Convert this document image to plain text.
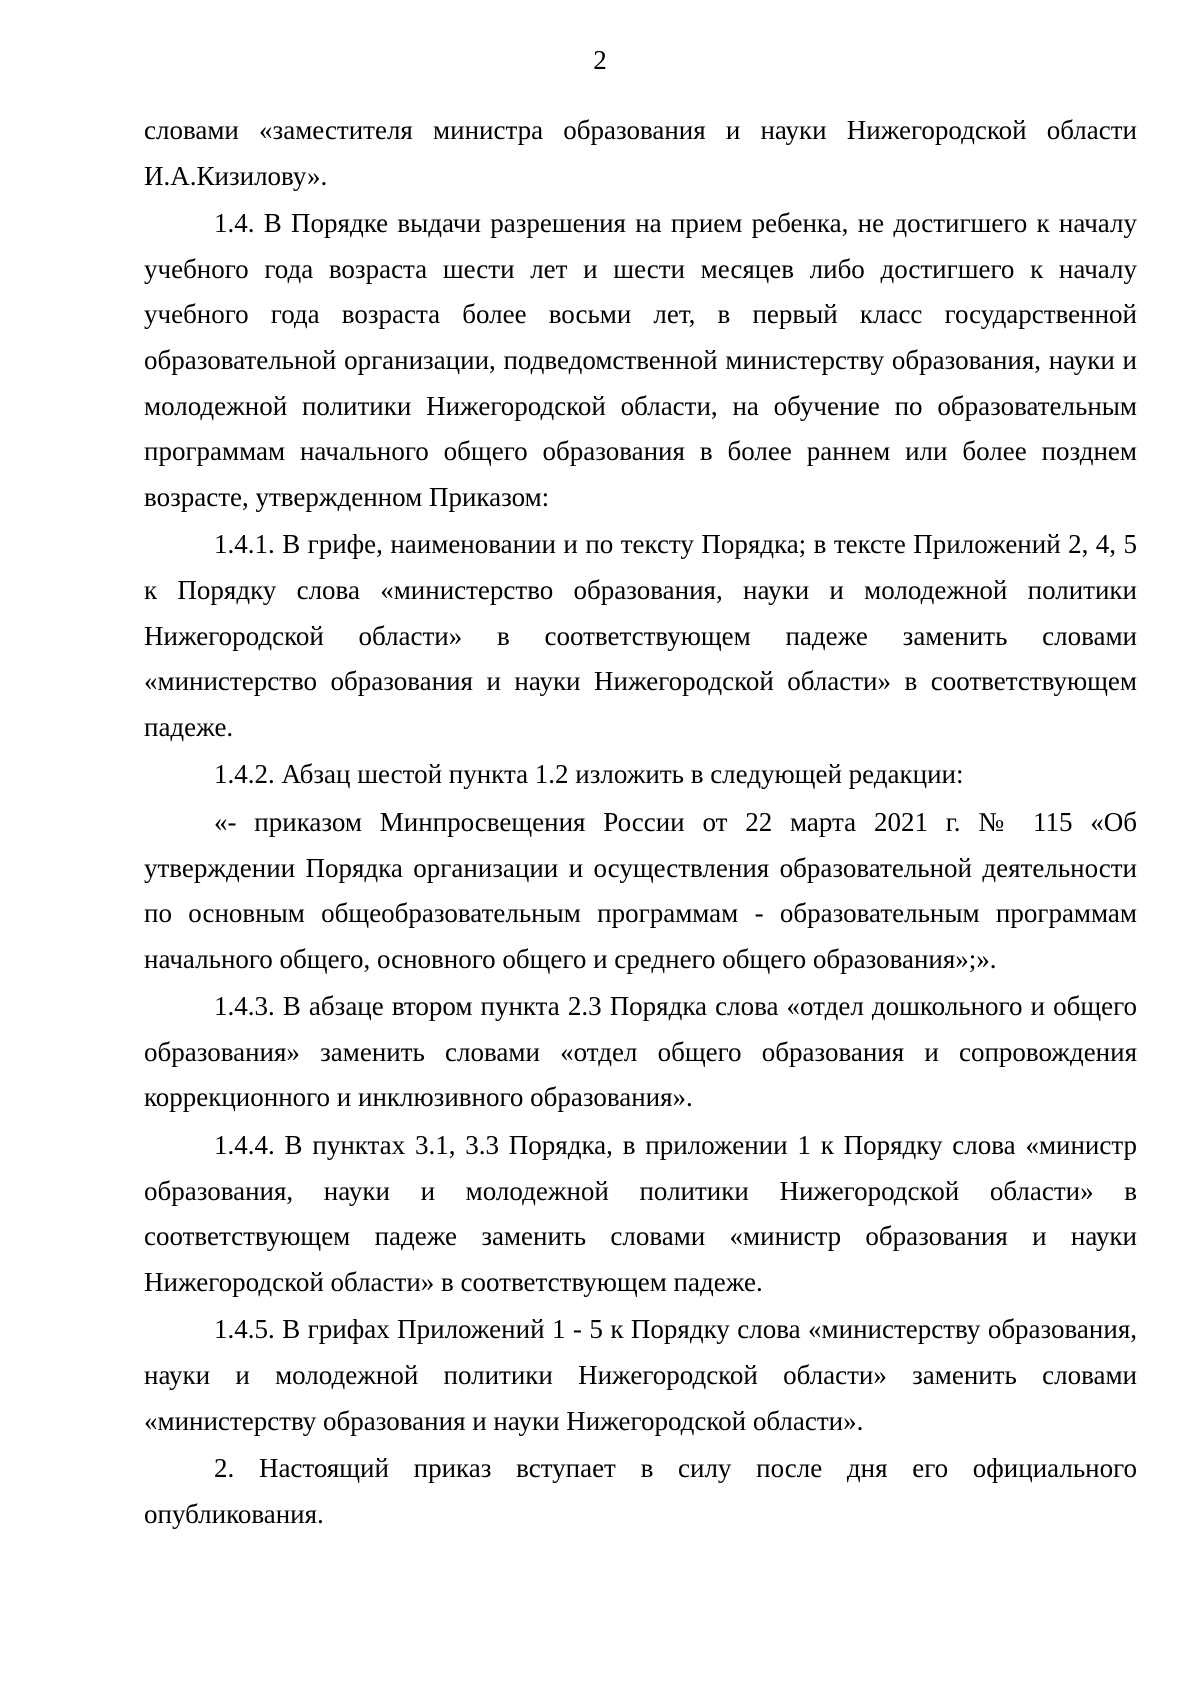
2

словами «заместителя министра образования и науки Нижегородской области И.А.Кизилову».

1.4. В Порядке выдачи разрешения на прием ребенка, не достигшего к началу учебного года возраста шести лет и шести месяцев либо достигшего к началу учебного года возраста более восьми лет, в первый класс государственной образовательной организации, подведомственной министерству образования, науки и молодежной политики Нижегородской области, на обучение по образовательным программам начального общего образования в более раннем или более позднем возрасте, утвержденном Приказом:

1.4.1. В грифе, наименовании и по тексту Порядка; в тексте Приложений 2, 4, 5 к Порядку слова «министерство образования, науки и молодежной политики Нижегородской области» в соответствующем падеже заменить словами «министерство образования и науки Нижегородской области» в соответствующем падеже.

1.4.2. Абзац шестой пункта 1.2 изложить в следующей редакции:

«- приказом Минпросвещения России от 22 марта 2021 г. № 115 «Об утверждении Порядка организации и осуществления образовательной деятельности по основным общеобразовательным программам - образовательным программам начального общего, основного общего и среднего общего образования»;».

1.4.3. В абзаце втором пункта 2.3 Порядка слова «отдел дошкольного и общего образования» заменить словами «отдел общего образования и сопровождения коррекционного и инклюзивного образования».

1.4.4. В пунктах 3.1, 3.3 Порядка, в приложении 1 к Порядку слова «министр образования, науки и молодежной политики Нижегородской области» в соответствующем падеже заменить словами «министр образования и науки Нижегородской области» в соответствующем падеже.

1.4.5. В грифах Приложений 1 - 5 к Порядку слова «министерству образования, науки и молодежной политики Нижегородской области» заменить словами «министерству образования и науки Нижегородской области».

2. Настоящий приказ вступает в силу после дня его официального опубликования.
